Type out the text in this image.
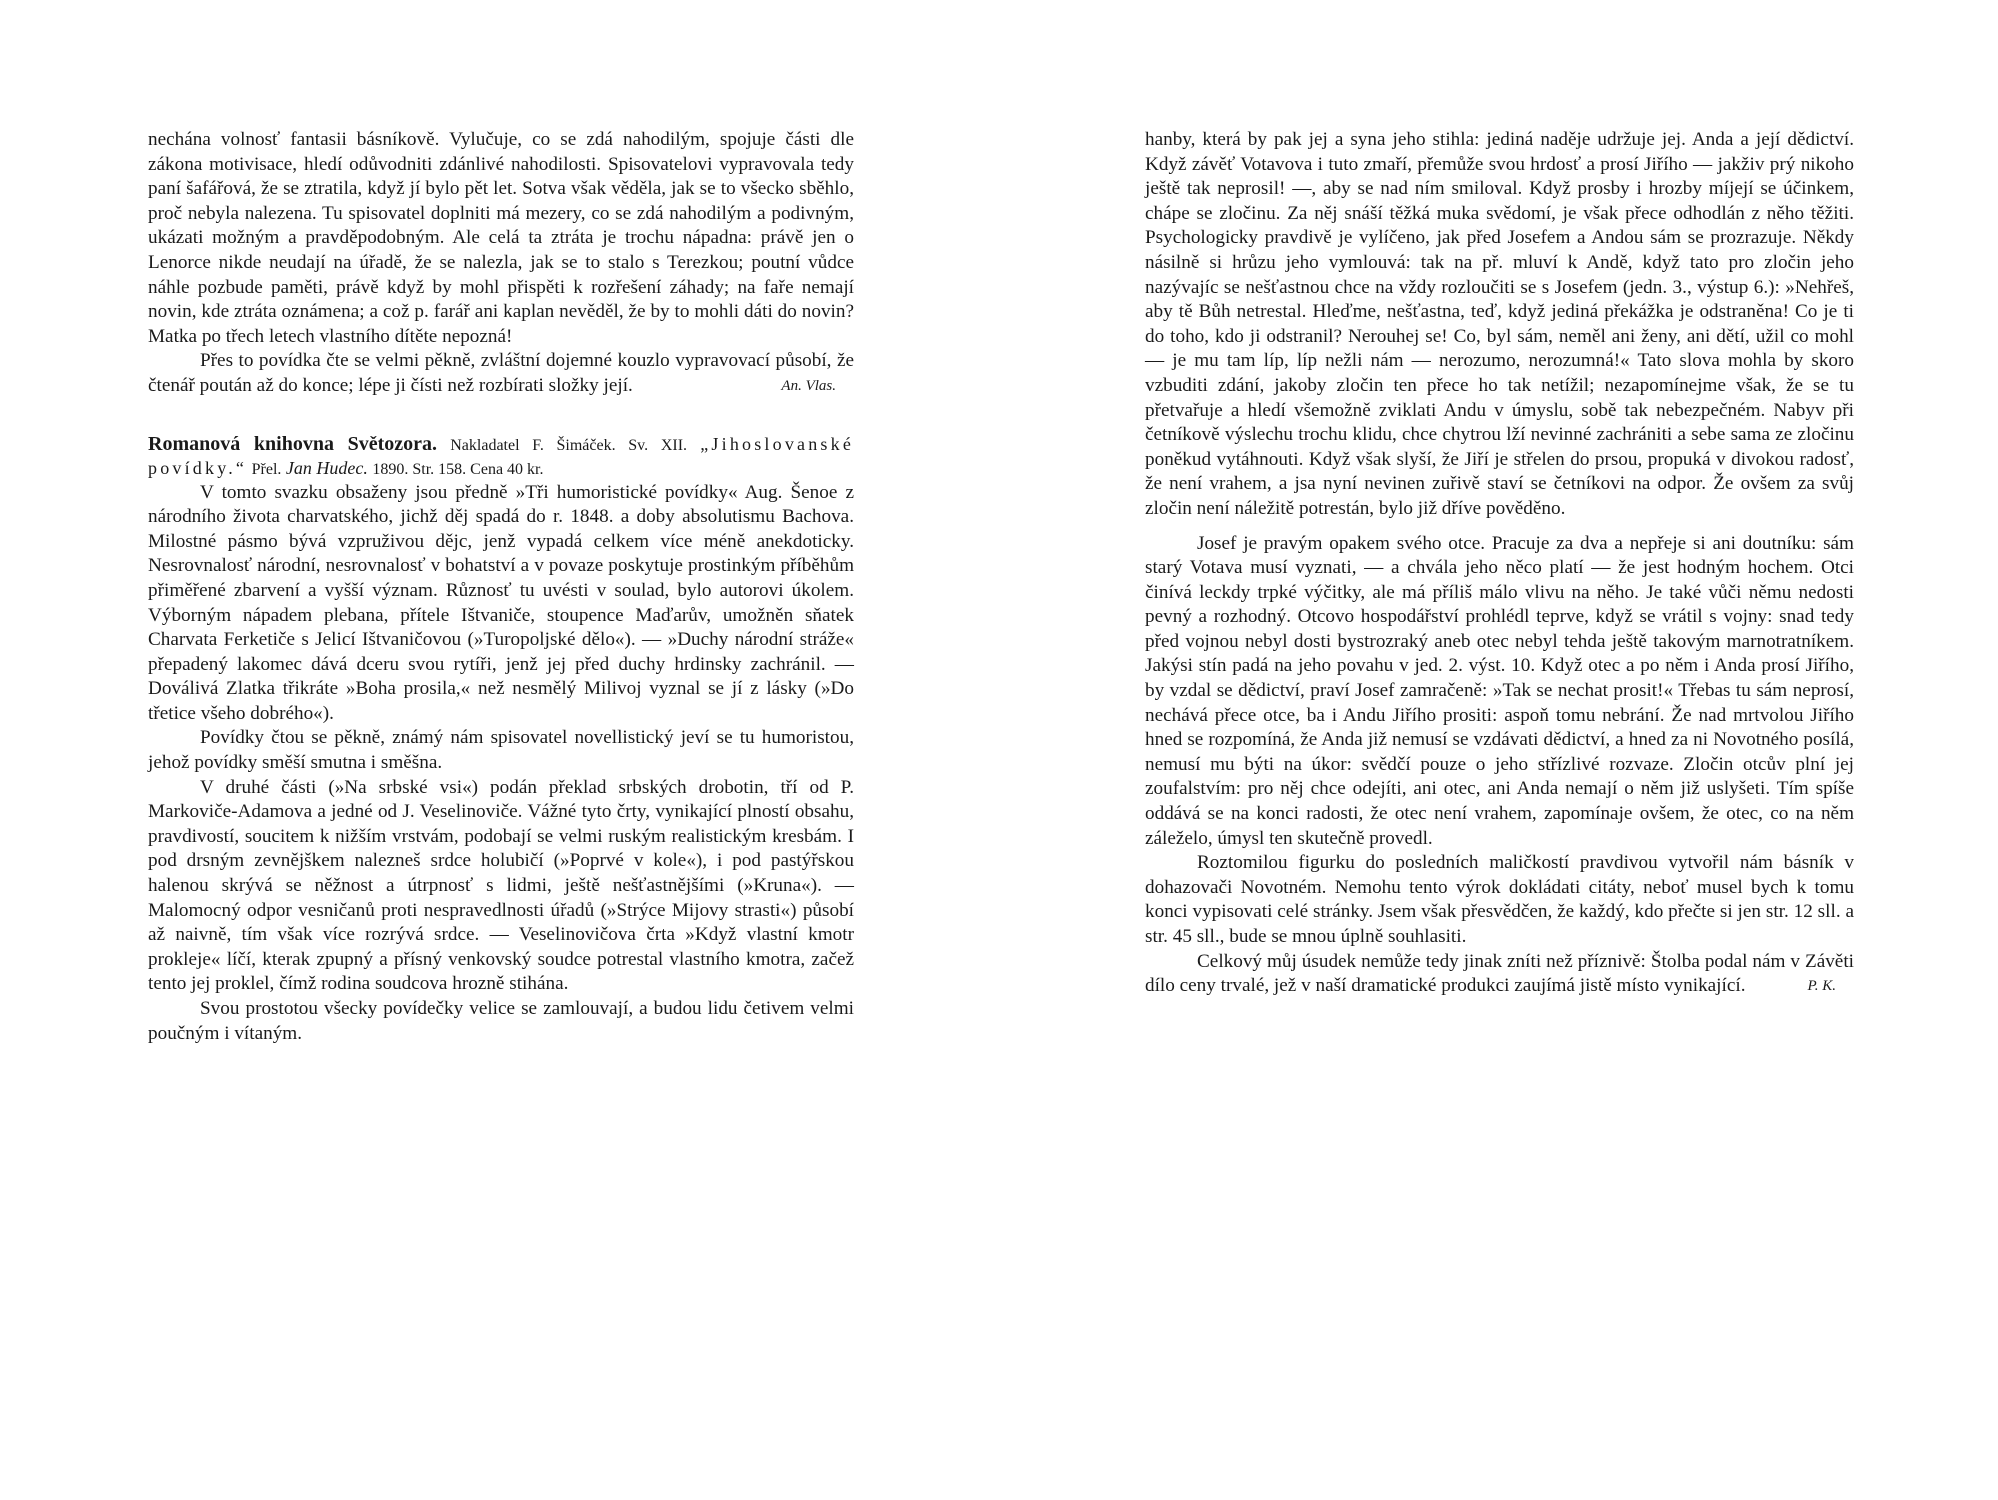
nechána volnosť fantasii básníkově. Vylučuje, co se zdá nahodilým, spojuje části dle zákona motivisace, hledí odůvodniti zdánlivé nahodilosti. Spisovatelovi vypravovala tedy paní šafářová, že se ztratila, když jí bylo pět let. Sotva však věděla, jak se to všecko sběhlo, proč nebyla nalezena. Tu spisovatel doplniti má mezery, co se zdá nahodilým a podivným, ukázati možným a pravděpodobným. Ale celá ta ztráta je trochu nápadna: právě jen o Lenorce nikde neudají na úřadě, že se nalezla, jak se to stalo s Terezkou; poutní vůdce náhle pozbude paměti, právě když by mohl přispěti k rozřešení záhady; na faře nemají novin, kde ztráta oznámena; a což p. farář ani kaplan nevěděl, že by to mohli dáti do novin? Matka po třech letech vlastního dítěte nepozná!

Přes to povídka čte se velmi pěkně, zvláštní dojemné kouzlo vypravovací působí, že čtenář poután až do konce; lépe ji čísti než rozbírati složky její.	An. Vlas.

Romanová knihovna Světozora. Nakladatel F. Šimáček. Sv. XII. „Jihoslovanské povídky.“ Přel. Jan Hudec. 1890. Str. 158. Cena 40 kr.

V tomto svazku obsaženy jsou předně »Tři humoristické povídky« Aug. Šenoe z národního života charvatského, jichž děj spadá do r. 1848. a doby absolutismu Bachova. Milostné pásmo bývá vzpruživou dějc, jenž vypadá celkem více méně anekdoticky. Nesrovnalosť národní, nesrovnalosť v bohatství a v povaze poskytuje prostinkým příběhům přiměřené zbarvení a vyšší význam. Různosť tu uvésti v soulad, bylo autorovi úkolem. Výborným nápadem plebana, přítele Ištvaniče, stoupence Maďarův, umožněn sňatek Charvata Ferketiče s Jelicí Ištvaničovou (»Turopoljské dělo«). — »Duchy národní stráže« přepadený lakomec dává dceru svou rytíři, jenž jej před duchy hrdinsky zachránil. — Doválivá Zlatka třikráte »Boha prosila,« než nesmělý Milivoj vyznal se jí z lásky (»Do třetice všeho dobrého«).

Povídky čtou se pěkně, známý nám spisovatel novellistický jeví se tu humoristou, jehož povídky směší smutna i směšna.

V druhé části (»Na srbské vsi«) podán překlad srbských drobotin, tří od P. Markoviče-Adamova a jedné od J. Veselinoviče. Vážné tyto črty, vynikající plností obsahu, pravdivostí, soucitem k nižším vrstvám, podobají se velmi ruským realistickým kresbám. I pod drsným zevnějškem nalezneš srdce holubičí (»Poprvé v kole«), i pod pastýřskou halenou skrývá se něžnost a útrpnosť s lidmi, ještě nešťastnějšími (»Kruna«). — Malomocný odpor vesničanů proti nespravedlnosti úřadů (»Strýce Mijovy strasti«) působí až naivně, tím však více rozrývá srdce. — Veselinovičova črta »Když vlastní kmotr prokleje« líčí, kterak zpupný a přísný venkovský soudce potrestal vlastního kmotra, začež tento jej proklel, čímž rodina soudcova hrozně stihána.

Svou prostotou všecky povídečky velice se zamlouvají, a budou lidu četivem velmi poučným i vítaným.

hanby, která by pak jej a syna jeho stihla: jediná naděje udržuje jej. Anda a její dědictví. Když závěť Votavova i tuto zmaří, přemůže svou hrdosť a prosí Jiřího — jakživ prý nikoho ještě tak neprosil! —, aby se nad ním smiloval. Když prosby i hrozby míjejí se účinkem, chápe se zločinu. Za něj snáší těžká muka svědomí, je však přece odhodlán z něho těžiti. Psychologicky pravdivě je vylíčeno, jak před Josefem a Andou sám se prozrazuje. Někdy násilně si hrůzu jeho vymlouvá: tak na př. mluví k Andě, když tato pro zločin jeho nazývajíc se nešťastnou chce na vždy rozloučiti se s Josefem (jedn. 3., výstup 6.): »Nehřeš, aby tě Bůh netrestal. Hleďme, nešťastna, teď, když jediná překážka je odstraněna! Co je ti do toho, kdo ji odstranil? Nerouhej se! Co, byl sám, neměl ani ženy, ani dětí, užil co mohl — je mu tam líp, líp nežli nám — nerozumo, nerozumná!« Tato slova mohla by skoro vzbuditi zdání, jakoby zločin ten přece ho tak netížil; nezapomínejme však, že se tu přetvařuje a hledí všemožně zviklati Andu v úmyslu, sobě tak nebezpečném. Nabyv při četníkově výslechu trochu klidu, chce chytrou lží nevinné zachrániti a sebe sama ze zločinu poněkud vytáhnouti. Když však slyší, že Jiří je střelen do prsou, propuká v divokou radosť, že není vrahem, a jsa nyní nevinen zuřivě staví se četníkovi na odpor. Že ovšem za svůj zločin není náležitě potrestán, bylo již dříve pověděno.

Josef je pravým opakem svého otce. Pracuje za dva a nepřeje si ani doutníku: sám starý Votava musí vyznati, — a chvála jeho něco platí — že jest hodným hochem. Otci činívá leckdy trpké výčitky, ale má příliš málo vlivu na něho. Je také vůči němu nedosti pevný a rozhodný. Otcovo hospodářství prohlédl teprve, když se vrátil s vojny: snad tedy před vojnou nebyl dosti bystrozraký aneb otec nebyl tehda ještě takovým marnotratníkem. Jakýsi stín padá na jeho povahu v jed. 2. výst. 10. Když otec a po něm i Anda prosí Jiřího, by vzdal se dědictví, praví Josef zamračeně: »Tak se nechat prosit!« Třebas tu sám neprosí, nechává přece otce, ba i Andu Jiřího prositi: aspoň tomu nebrání. Že nad mrtvolou Jiřího hned se rozpomíná, že Anda již nemusí se vzdávati dědictví, a hned za ni Novotného posílá, nemusí mu býti na úkor: svědčí pouze o jeho střízlivé rozvaze. Zločin otcův plní jej zoufalstvím: pro něj chce odejíti, ani otec, ani Anda nemají o něm již uslyšeti. Tím spíše oddává se na konci radosti, že otec není vrahem, zapomínaje ovšem, že otec, co na něm záleželo, úmysl ten skutečně provedl.

Roztomilou figurku do posledních maličkostí pravdivou vytvořil nám básník v dohazovači Novotném. Nemohu tento výrok dokládati citáty, neboť musel bych k tomu konci vypisovati celé stránky. Jsem však přesvědčen, že každý, kdo přečte si jen str. 12 sll. a str. 45 sll., bude se mnou úplně souhlasiti.

Celkový můj úsudek nemůže tedy jinak zníti než příznivě: Štolba podal nám v Závěti dílo ceny trvalé, jež v naší dramatické produkci zaujímá jistě místo vynikající.	P. K.
